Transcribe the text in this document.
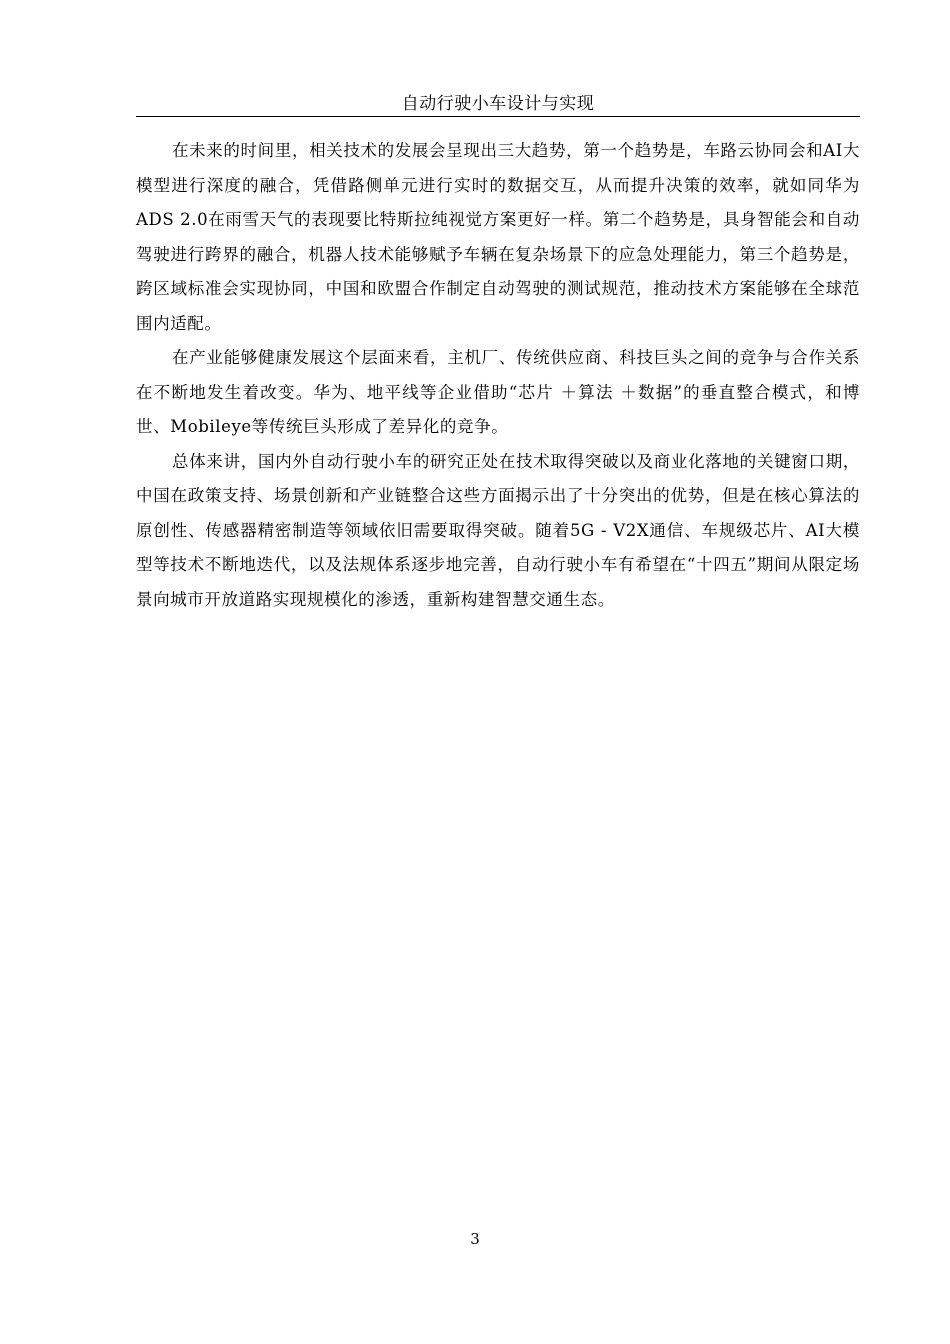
自动行驶小车设计与实现

在未来的时间里，相关技术的发展会呈现出三大趋势，第一个趋势是，车路云协同会和AI大模型进行深度的融合，凭借路侧单元进行实时的数据交互，从而提升决策的效率，就如同华为ADS 2.0在雨雪天气的表现要比特斯拉纯视觉方案更好一样。第二个趋势是，具身智能会和自动驾驶进行跨界的融合，机器人技术能够赋予车辆在复杂场景下的应急处理能力，第三个趋势是，跨区域标准会实现协同，中国和欧盟合作制定自动驾驶的测试规范，推动技术方案能够在全球范围内适配。

在产业能够健康发展这个层面来看，主机厂、传统供应商、科技巨头之间的竞争与合作关系在不断地发生着改变。华为、地平线等企业借助“芯片 ＋算法 ＋数据”的垂直整合模式，和博世、Mobileye等传统巨头形成了差异化的竞争。

总体来讲，国内外自动行驶小车的研究正处在技术取得突破以及商业化落地的关键窗口期，中国在政策支持、场景创新和产业链整合这些方面揭示出了十分突出的优势，但是在核心算法的原创性、传感器精密制造等领域依旧需要取得突破。随着5G - V2X通信、车规级芯片、AI大模型等技术不断地迭代，以及法规体系逐步地完善，自动行驶小车有希望在“十四五”期间从限定场景向城市开放道路实现规模化的渗透，重新构建智慧交通生态。

3
